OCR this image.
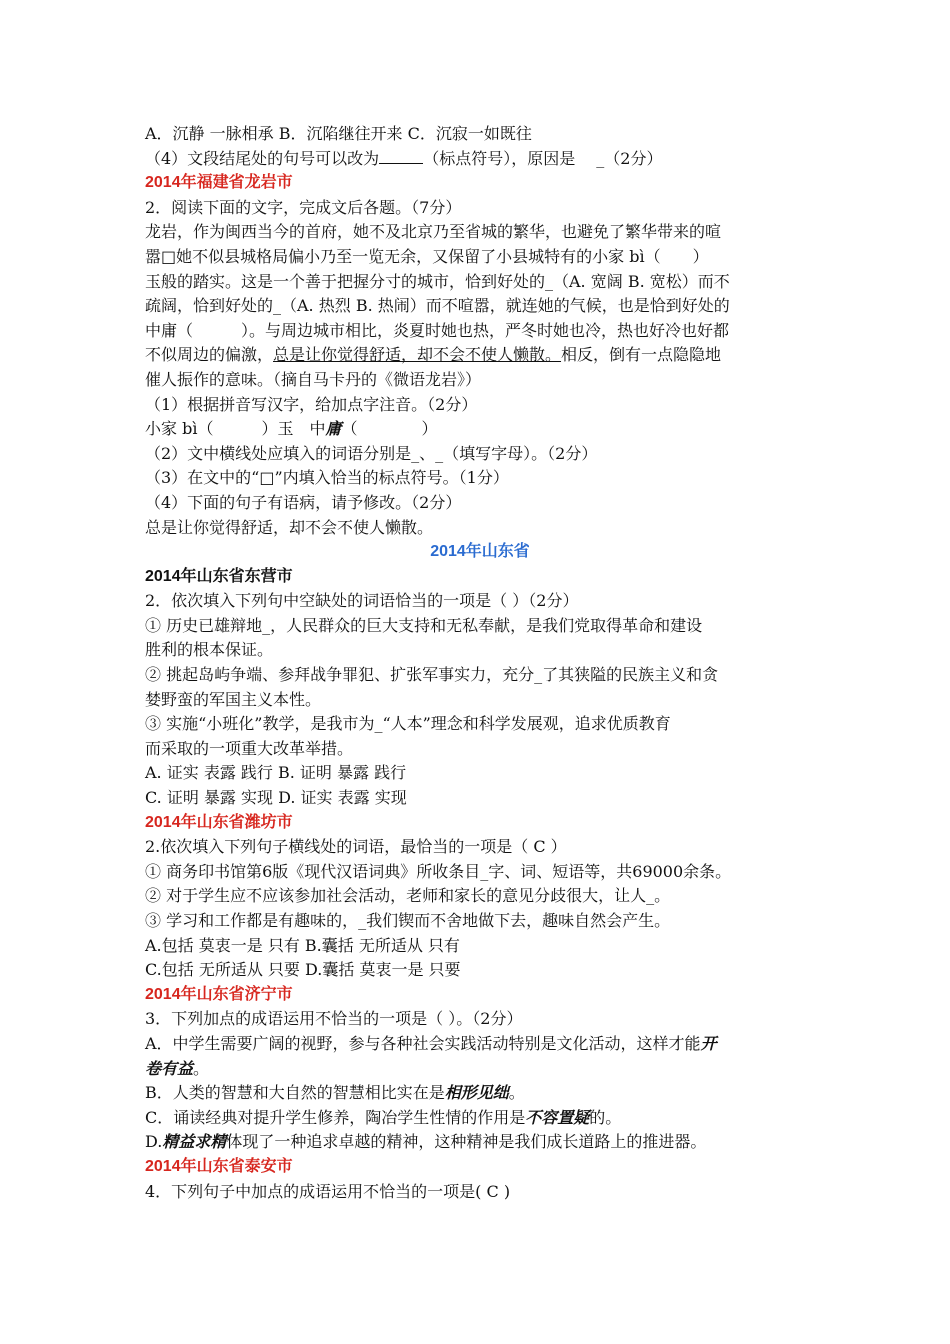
A．沉静 一脉相承 B．沉陷继往开来 C．沉寂一如既往
（4）文段结尾处的句号可以改为	（标点符号），原因是　 _（2分）
2014年福建省龙岩市
2．阅读下面的文字，完成文后各题。（7分）
龙岩，作为闽西当今的首府，她不及北京乃至省城的繁华，也避免了繁华带来的喧
嚣□她不似县城格局偏小乃至一览无余，又保留了小县城特有的小家 bì（　　）
玉般的踏实。这是一个善于把握分寸的城市，恰到好处的_（A. 宽阔 B. 宽松）而不
疏阔，恰到好处的_（A. 热烈 B. 热闹）而不喧嚣，就连她的气候，也是恰到好处的
中庸（　　　）。与周边城市相比，炎夏时她也热，严冬时她也冷，热也好冷也好都
不似周边的偏激，总是让你觉得舒适，却不会不使人懒散。相反，倒有一点隐隐地
催人振作的意味。（摘自马卡丹的《微语龙岩》）
（1）根据拼音写汉字，给加点字注音。（2分）
小家 bì（　　　）玉　中庸（　　　　）
（2）文中横线处应填入的词语分别是_、_（填写字母）。（2分）
（3）在文中的“□”内填入恰当的标点符号。（1分）
（4）下面的句子有语病，请予修改。（2分）
总是让你觉得舒适，却不会不使人懒散。
2014年山东省
2014年山东省东营市
2．依次填入下列句中空缺处的词语恰当的一项是（ ）（2分）
① 历史已雄辩地_，人民群众的巨大支持和无私奉献，是我们党取得革命和建设
胜利的根本保证。
② 挑起岛屿争端、参拜战争罪犯、扩张军事实力，充分_了其狭隘的民族主义和贪
婪野蛮的军国主义本性。
③ 实施“小班化”教学，是我市为_“人本”理念和科学发展观，追求优质教育
而采取的一项重大改革举措。
A. 证实 表露 践行 B. 证明 暴露 践行
C. 证明 暴露 实现 D. 证实 表露 实现
2014年山东省潍坊市
2.依次填入下列句子横线处的词语，最恰当的一项是（ C ）
① 商务印书馆第6版《现代汉语词典》所收条目_字、词、短语等，共69000余条。
② 对于学生应不应该参加社会活动，老师和家长的意见分歧很大，让人_。
③ 学习和工作都是有趣味的，_我们锲而不舍地做下去，趣味自然会产生。
A.包括 莫衷一是 只有 B.囊括 无所适从 只有
C.包括 无所适从 只要 D.囊括 莫衷一是 只要
2014年山东省济宁市
3．下列加点的成语运用不恰当的一项是（ ）。（2分）
A．中学生需要广阔的视野，参与各种社会实践活动特别是文化活动，这样才能开
卷有益。
B．人类的智慧和大自然的智慧相比实在是相形见绌。
C．诵读经典对提升学生修养，陶冶学生性情的作用是不容置疑的。
D.精益求精体现了一种追求卓越的精神，这种精神是我们成长道路上的推进器。
2014年山东省泰安市
4．下列句子中加点的成语运用不恰当的一项是( C )
